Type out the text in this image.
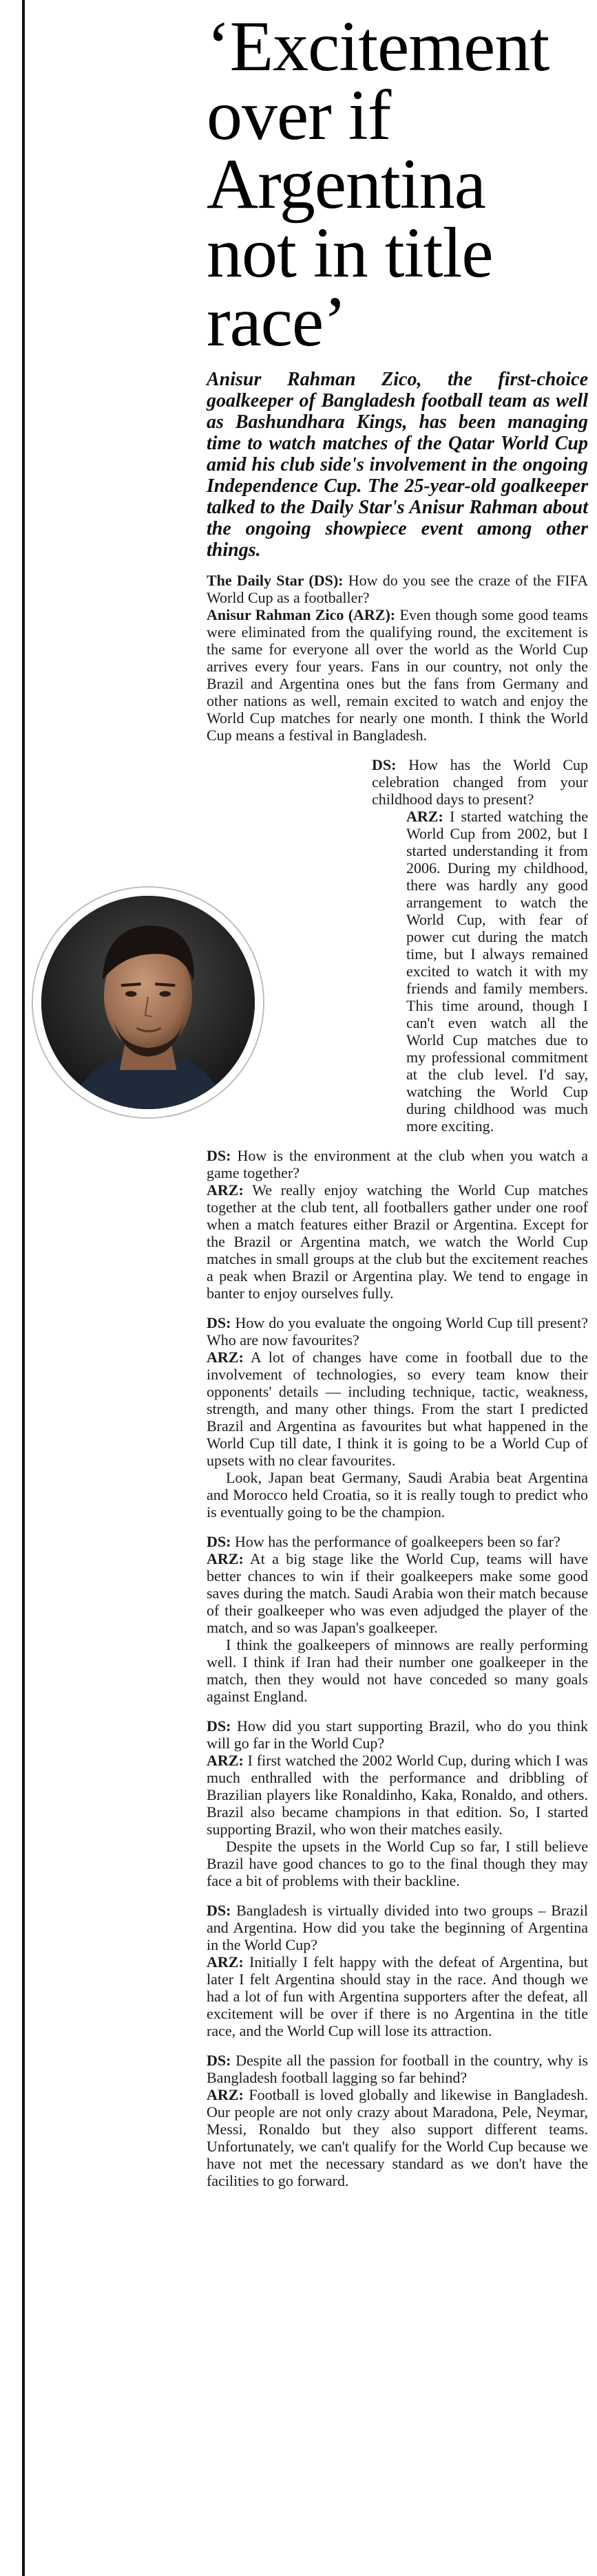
‘Excitement over if Argentina not in title race’

Anisur Rahman Zico, the first-choice goalkeeper of Bangladesh football team as well as Bashundhara Kings, has been managing time to watch matches of the Qatar World Cup amid his club side's involvement in the ongoing Independence Cup. The 25-year-old goalkeeper talked to the Daily Star's Anisur Rahman about the ongoing showpiece event among other things.

The Daily Star (DS): How do you see the craze of the FIFA World Cup as a footballer?

Anisur Rahman Zico (ARZ): Even though some good teams were eliminated from the qualifying round, the excitement is the same for everyone all over the world as the World Cup arrives every four years. Fans in our country, not only the Brazil and Argentina ones but the fans from Germany and other nations as well, remain excited to watch and enjoy the World Cup matches for nearly one month. I think the World Cup means a festival in Bangladesh.

DS: How has the World Cup celebration changed from your childhood days to present?

ARZ: I started watching the World Cup from 2002, but I started understanding it from 2006. During my childhood, there was hardly any good arrangement to watch the World Cup, with fear of power cut during the match time, but I always remained excited to watch it with my friends and family members. This time around, though I can't even watch all the World Cup matches due to my professional commitment at the club level. I'd say, watching the World Cup during childhood was much more exciting.

DS: How is the environment at the club when you watch a game together?

ARZ: We really enjoy watching the World Cup matches together at the club tent, all footballers gather under one roof when a match features either Brazil or Argentina. Except for the Brazil or Argentina match, we watch the World Cup matches in small groups at the club but the excitement reaches a peak when Brazil or Argentina play. We tend to engage in banter to enjoy ourselves fully.

DS: How do you evaluate the ongoing World Cup till present? Who are now favourites?

ARZ: A lot of changes have come in football due to the involvement of technologies, so every team know their opponents' details — including technique, tactic, weakness, strength, and many other things. From the start I predicted Brazil and Argentina as favourites but what happened in the World Cup till date, I think it is going to be a World Cup of upsets with no clear favourites.

Look, Japan beat Germany, Saudi Arabia beat Argentina and Morocco held Croatia, so it is really tough to predict who is eventually going to be the champion.

DS: How has the performance of goalkeepers been so far?

ARZ: At a big stage like the World Cup, teams will have better chances to win if their goalkeepers make some good saves during the match. Saudi Arabia won their match because of their goalkeeper who was even adjudged the player of the match, and so was Japan's goalkeeper.

I think the goalkeepers of minnows are really performing well. I think if Iran had their number one goalkeeper in the match, then they would not have conceded so many goals against England.

DS: How did you start supporting Brazil, who do you think will go far in the World Cup?

ARZ: I first watched the 2002 World Cup, during which I was much enthralled with the performance and dribbling of Brazilian players like Ronaldinho, Kaka, Ronaldo, and others. Brazil also became champions in that edition. So, I started supporting Brazil, who won their matches easily.

Despite the upsets in the World Cup so far, I still believe Brazil have good chances to go to the final though they may face a bit of problems with their backline.

DS: Bangladesh is virtually divided into two groups – Brazil and Argentina. How did you take the beginning of Argentina in the World Cup?

ARZ: Initially I felt happy with the defeat of Argentina, but later I felt Argentina should stay in the race. And though we had a lot of fun with Argentina supporters after the defeat, all excitement will be over if there is no Argentina in the title race, and the World Cup will lose its attraction.

DS: Despite all the passion for football in the country, why is Bangladesh football lagging so far behind?

ARZ: Football is loved globally and likewise in Bangladesh. Our people are not only crazy about Maradona, Pele, Neymar, Messi, Ronaldo but they also support different teams. Unfortunately, we can't qualify for the World Cup because we have not met the necessary standard as we don't have the facilities to go forward.
